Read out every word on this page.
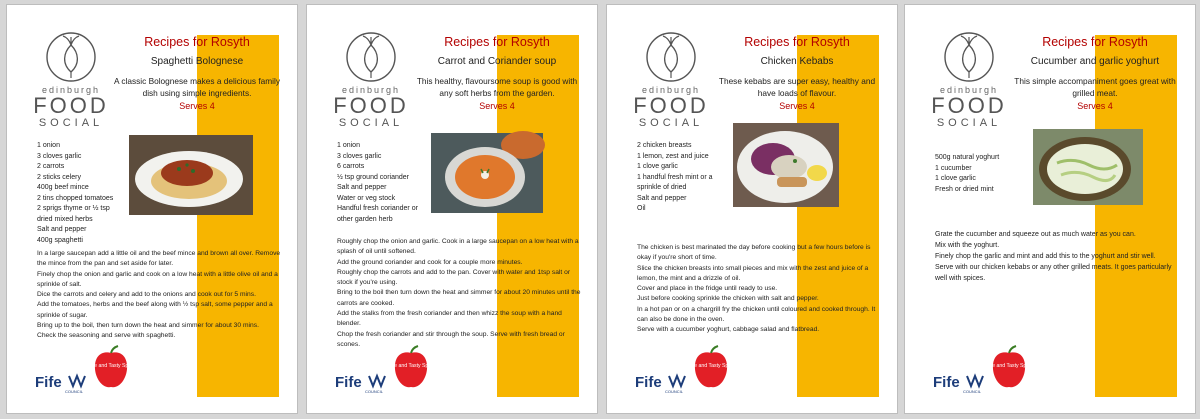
edinburgh
FOOD
SOCIAL
Recipes for Rosyth
Spaghetti Bolognese
A classic Bolognese makes a delicious family dish using simple ingredients.
Serves 4
1 onion
3 cloves garlic
2 carrots
2 sticks celery
400g beef mince
2 tins chopped tomatoes
2 sprigs thyme or ½ tsp
dried mixed herbs
Salt and pepper
400g spaghetti

In a large saucepan add a little oil and the beef mince and brown all over. Remove the mince from the pan and set aside for later.

Finely chop the onion and garlic and cook on a low heat with a little olive oil and a sprinkle of salt.

Dice the carrots and celery and add to the onions and cook out for 5 mins.

Add the tomatoes, herbs and the beef along with ½ tsp salt, some pepper and a sprinkle of sugar.

Bring up to the boil, then turn down the heat and simmer for about 30 mins.

Check the seasoning and serve with spaghetti.

Fife
COUNCIL
Edible and Tasty Spaces
edinburgh
FOOD
SOCIAL
Recipes for Rosyth
Carrot and Coriander soup
This healthy, flavoursome soup is good with any soft herbs from the garden.
Serves 4
1 onion
3 cloves garlic
6 carrots
½ tsp ground coriander
Salt and pepper
Water or veg stock
Handful fresh coriander or
other garden herb

Roughly chop the onion and garlic. Cook in a large saucepan on a low heat with a splash of oil until softened.

Add the ground coriander and cook for a couple more minutes.

Roughly chop the carrots and add to the pan. Cover with water and 1tsp salt or stock if you're using.

Bring to the boil then turn down the heat and simmer for about 20 minutes until the carrots are cooked.

Add the stalks from the fresh coriander and then whizz the soup with a hand blender.

Chop the fresh coriander and stir through the soup. Serve with fresh bread or scones.

Fife
COUNCIL
Edible and Tasty Spaces
edinburgh
FOOD
SOCIAL
Recipes for Rosyth
Chicken Kebabs
These kebabs are super easy, healthy and have loads of flavour.
Serves 4
2 chicken breasts
1 lemon, zest and juice
1 clove garlic
1 handful fresh mint or a
sprinkle of dried
Salt and pepper
Oil

The chicken is best marinated the day before cooking but a few hours before is okay if you're short of time.

Slice the chicken breasts into small pieces and mix with the zest and juice of a lemon, the mint and a drizzle of oil.

Cover and place in the fridge until ready to use.

Just before cooking sprinkle the chicken with salt and pepper.

In a hot pan or on a chargrill fry the chicken until coloured and cooked through. It can also be done in the oven.

Serve with a cucumber yoghurt, cabbage salad and flatbread.

Fife
COUNCIL
Edible and Tasty Spaces
edinburgh
FOOD
SOCIAL
Recipes for Rosyth
Cucumber and garlic yoghurt
This simple accompaniment goes great with grilled meat.
Serves 4
500g natural yoghurt
1 cucumber
1 clove garlic
Fresh or dried mint

Grate the cucumber and squeeze out as much water as you can.

Mix with the yoghurt.

Finely chop the garlic and mint and add this to the yoghurt and stir well.

Serve with our chicken kebabs or any other grilled meats. It goes particularly well with spices.

Fife
COUNCIL
Edible and Tasty Spaces
